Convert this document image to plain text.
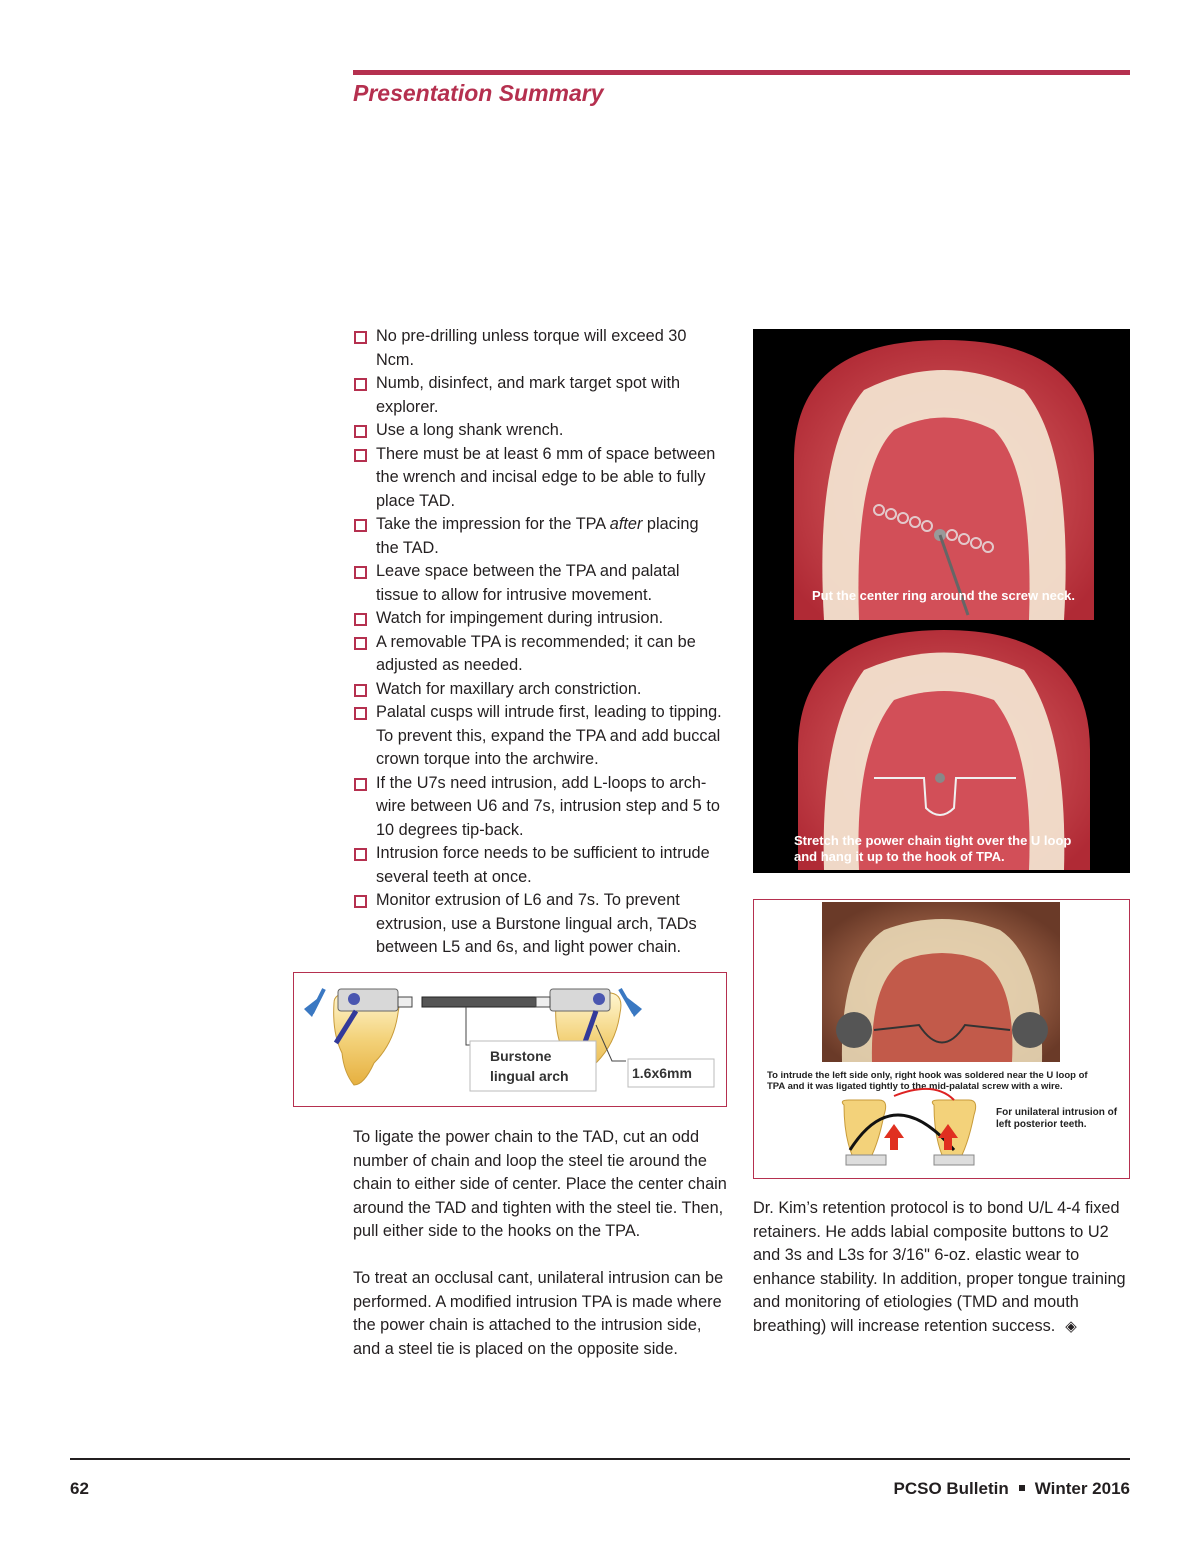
Presentation Summary
No pre-drilling unless torque will exceed 30 Ncm.
Numb, disinfect, and mark target spot with explorer.
Use a long shank wrench.
There must be at least 6 mm of space between the wrench and incisal edge to be able to fully place TAD.
Take the impression for the TPA after placing the TAD.
Leave space between the TPA and palatal tissue to allow for intrusive movement.
Watch for impingement during intrusion.
A removable TPA is recommended; it can be adjusted as needed.
Watch for maxillary arch constriction.
Palatal cusps will intrude first, leading to tipping. To prevent this, expand the TPA and add buccal crown torque into the archwire.
If the U7s need intrusion, add L-loops to arch-wire between U6 and 7s, intrusion step and 5 to 10 degrees tip-back.
Intrusion force needs to be sufficient to intrude several teeth at once.
Monitor extrusion of L6 and 7s. To prevent extrusion, use a Burstone lingual arch, TADs between L5 and 6s, and light power chain.
Burstone
lingual arch	1.6x6mm
Put the center ring around the screw neck.
Stretch the power chain tight over the U loop
and hang it up to the hook of TPA.
To intrude the left side only, right hook was soldered near the U loop of
TPA and it was ligated tightly to the mid-palatal screw with a wire.
For unilateral intrusion of
left posterior teeth.

To ligate the power chain to the TAD, cut an odd number of chain and loop the steel tie around the chain to either side of center. Place the center chain around the TAD and tighten with the steel tie. Then, pull either side to the hooks on the TPA.

To treat an occlusal cant, unilateral intrusion can be performed. A modified intrusion TPA is made where the power chain is attached to the intrusion side, and a steel tie is placed on the opposite side.

Dr. Kim’s retention protocol is to bond U/L 4-4 fixed retainers. He adds labial composite buttons to U2 and 3s and L3s for 3/16" 6-oz. elastic wear to enhance stability. In addition, proper tongue training and monitoring of etiologies (TMD and mouth breathing) will increase retention success. ◈

62	PCSO Bulletin Winter 2016
